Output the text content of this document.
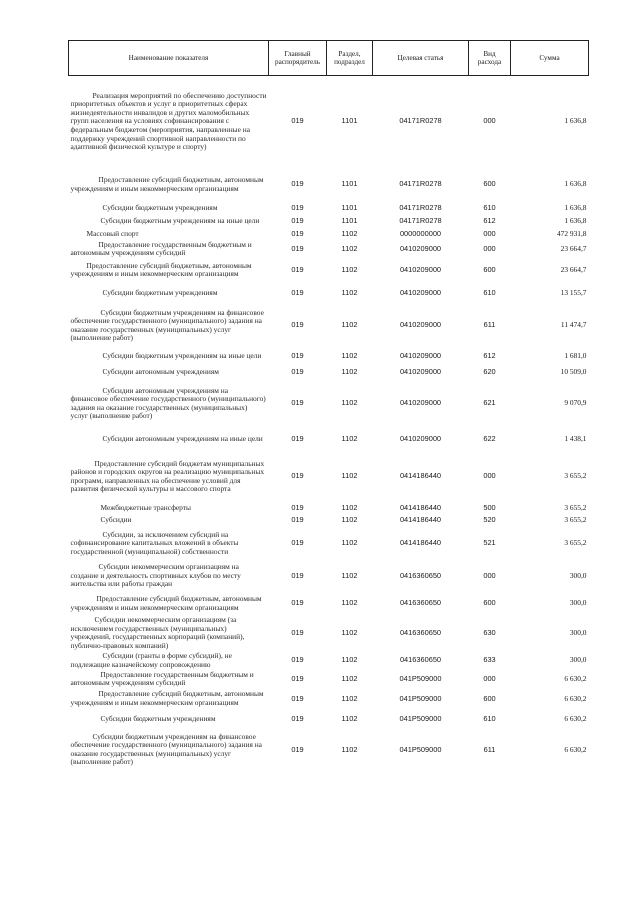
Наименование показателя	Главный распорядитель	Раздел, подраздел	Целевая статья	Вид расхода	Сумма
Реализация мероприятий по обеспечению доступности приоритетных объектов и услуг в приоритетных сферах жизнедеятельности инвалидов и других маломобильных групп населения на условиях софинансирования с федеральным бюджетом (мероприятия, направленные на поддержку учреждений спортивной направленности по адаптивной физической культуре и спорту)	019	1101	04171R0278	000	1 636,8
Предоставление субсидий бюджетным, автономным учреждениям и иным некоммерческим организациям	019	1101	04171R0278	600	1 636,8
Субсидии бюджетным учреждениям	019	1101	04171R0278	610	1 636,8
Субсидии бюджетным учреждениям на иные цели	019	1101	04171R0278	612	1 636,8
Массовый спорт	019	1102	0000000000	000	472 931,8
Предоставление государственным бюджетным и автономным учреждениям субсидий	019	1102	0410209000	000	23 664,7
Предоставление субсидий бюджетным, автономным учреждениям и иным некоммерческим организациям	019	1102	0410209000	600	23 664,7
Субсидии бюджетным учреждениям	019	1102	0410209000	610	13 155,7
Субсидии бюджетным учреждениям на финансовое обеспечение государственного (муниципального) задания на оказание государственных (муниципальных) услуг (выполнение работ)	019	1102	0410209000	611	11 474,7
Субсидии бюджетным учреждениям на иные цели	019	1102	0410209000	612	1 681,0
Субсидии автономным учреждениям	019	1102	0410209000	620	10 509,0
Субсидии автономным учреждениям на финансовое обеспечение государственного (муниципального) задания на оказание государственных (муниципальных) услуг (выполнение работ)	019	1102	0410209000	621	9 070,9
Субсидии автономным учреждениям на иные цели	019	1102	0410209000	622	1 438,1
Предоставление субсидий бюджетам муниципальных районов и городских округов на реализацию муниципальных программ, направленных на обеспечение условий для развития физической культуры и массового спорта	019	1102	0414186440	000	3 655,2
Межбюджетные трансферты	019	1102	0414186440	500	3 655,2
Субсидии	019	1102	0414186440	520	3 655,2
Субсидии, за исключением субсидий на софинансирование капитальных вложений в объекты государственной (муниципальной) собственности	019	1102	0414186440	521	3 655,2
Субсидии некоммерческим организациям на создание и деятельность спортивных клубов по месту жительства или работы граждан	019	1102	0416360650	000	300,0
Предоставление субсидий бюджетным, автономным учреждениям и иным некоммерческим организациям	019	1102	0416360650	600	300,0
Субсидии некоммерческим организациям (за исключением государственных (муниципальных) учреждений, государственных корпораций (компаний), публично-правовых компаний)	019	1102	0416360650	630	300,0
Субсидии (гранты в форме субсидий), не подлежащие казначейскому сопровождению	019	1102	0416360650	633	300,0
Предоставление государственным бюджетным и автономным учреждениям субсидий	019	1102	041P509000	000	6 630,2
Предоставление субсидий бюджетным, автономным учреждениям и иным некоммерческим организациям	019	1102	041P509000	600	6 630,2
Субсидии бюджетным учреждениям	019	1102	041P509000	610	6 630,2
Субсидии бюджетным учреждениям на финансовое обеспечение государственного (муниципального) задания на оказание государственных (муниципальных) услуг (выполнение работ)	019	1102	041P509000	611	6 630,2
